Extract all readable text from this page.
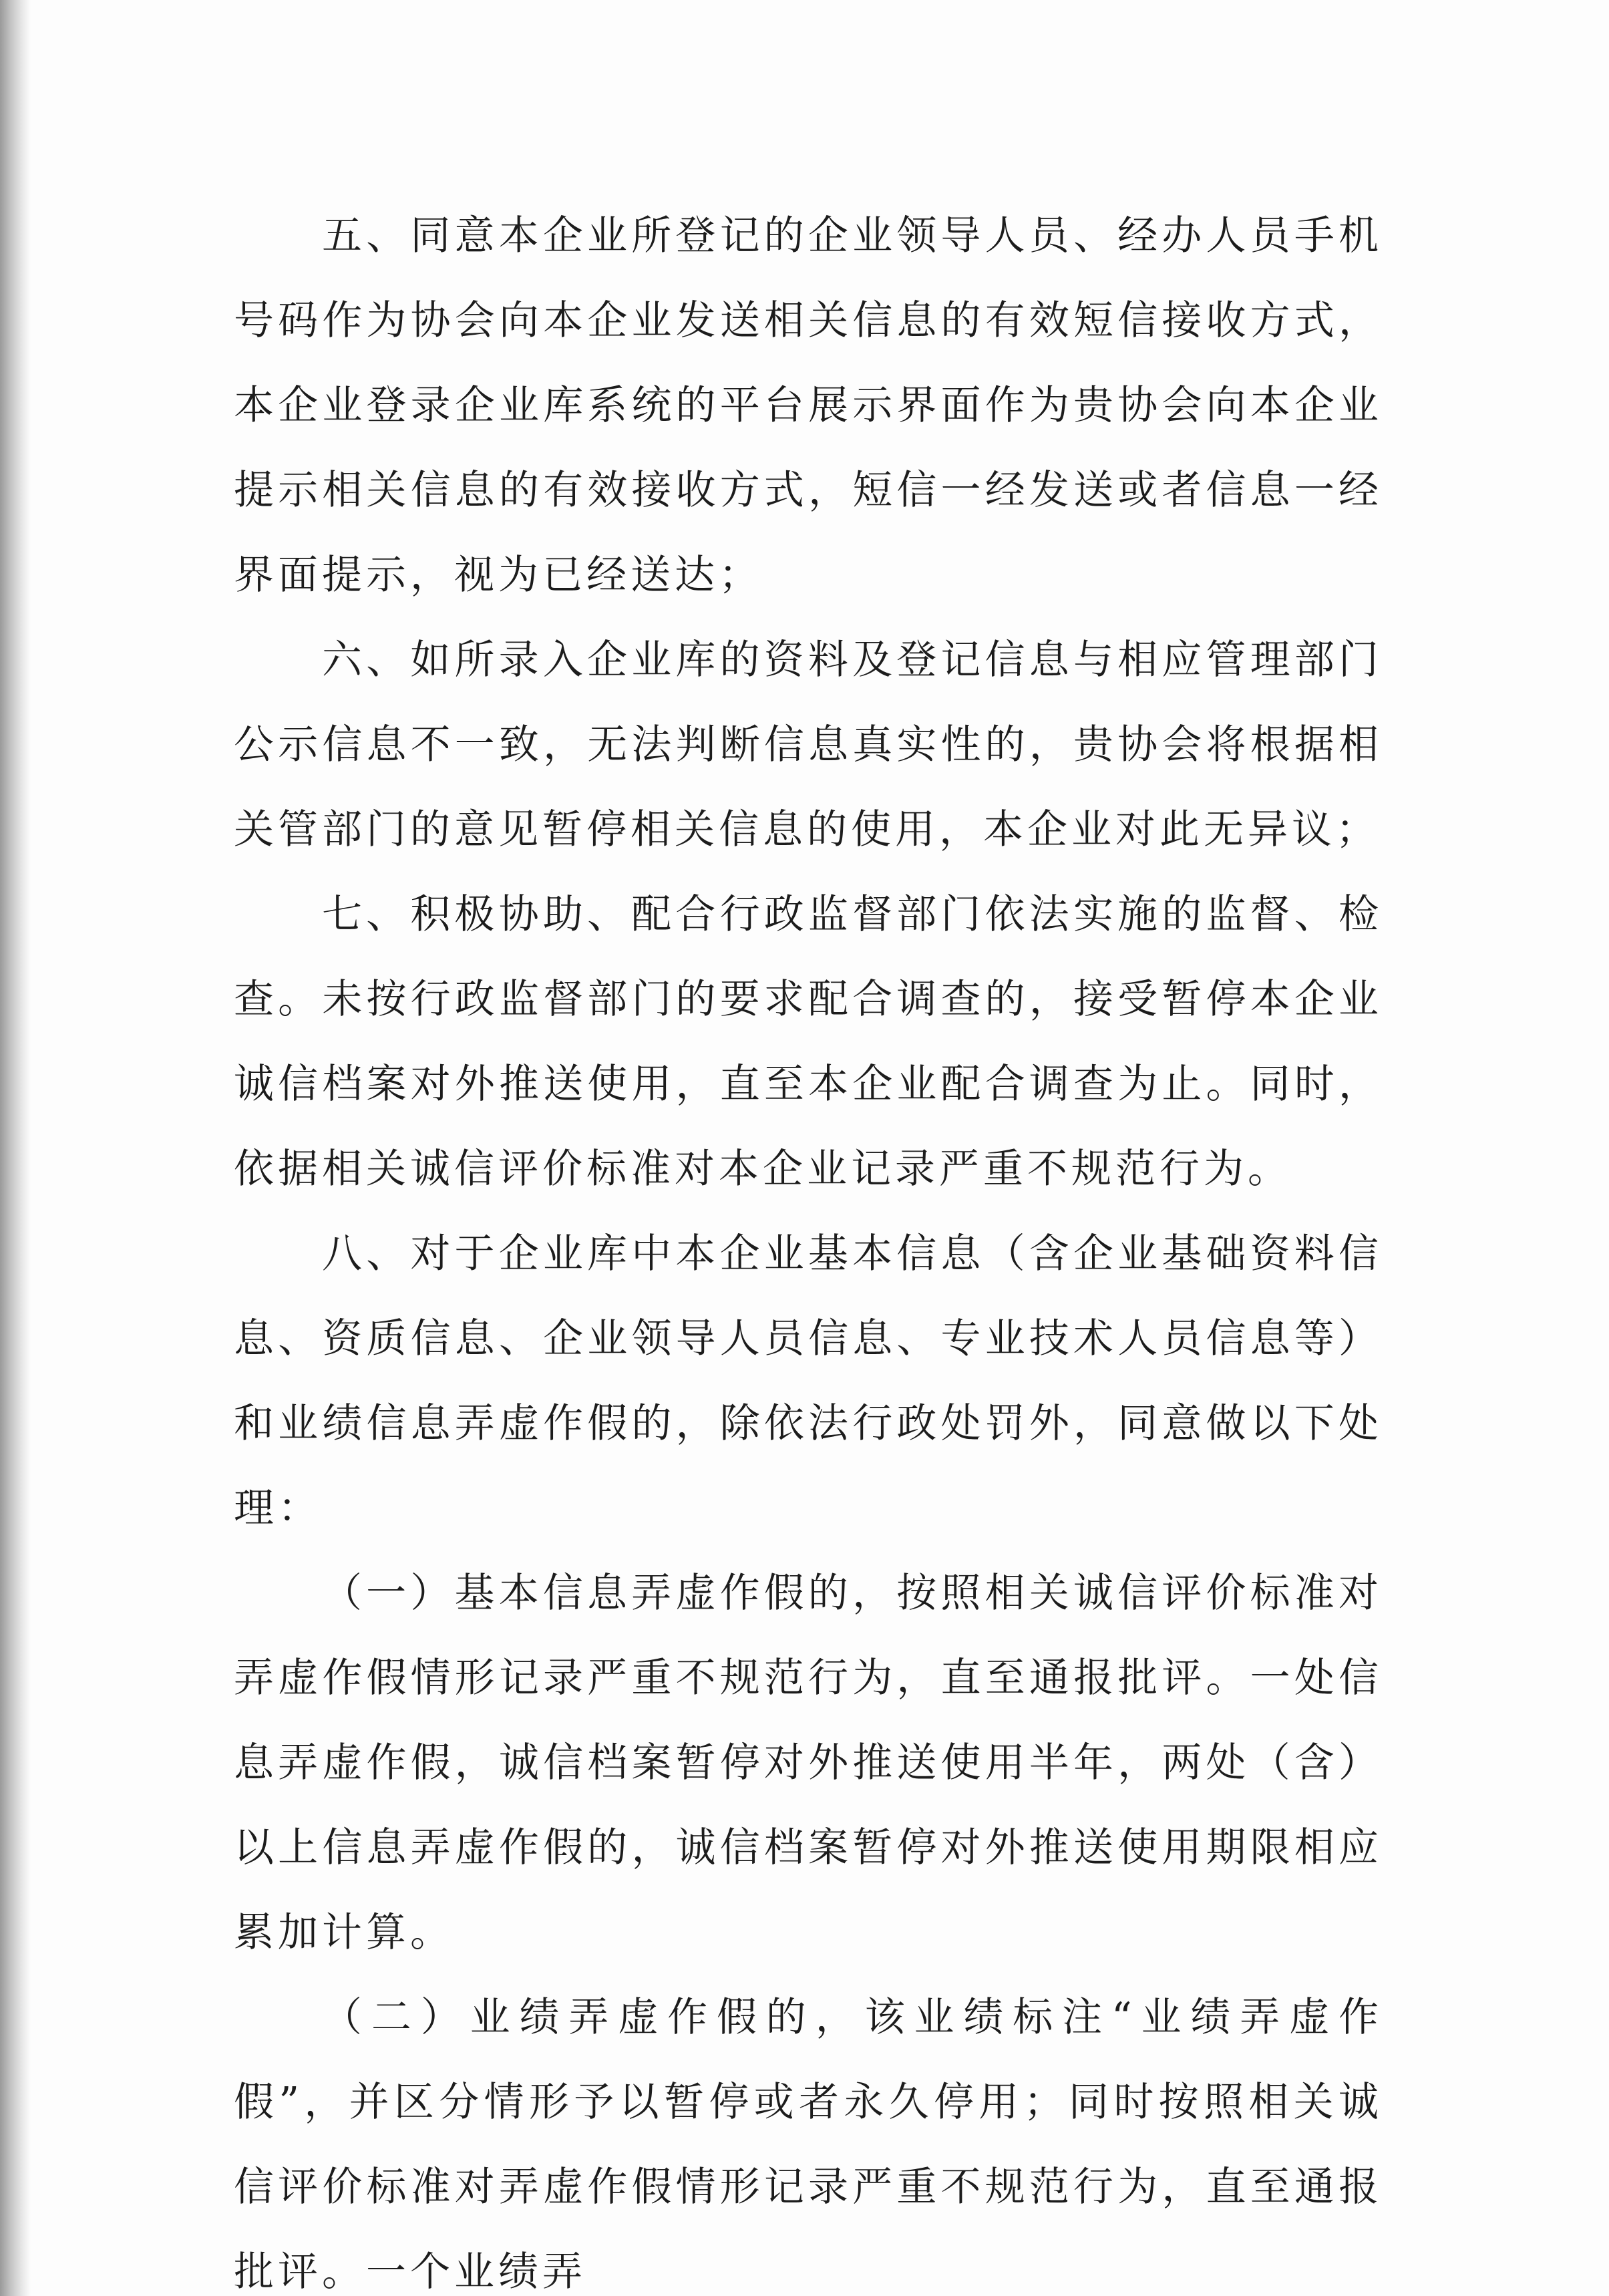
五、同意本企业所登记的企业领导人员、经办人员手机号码作为协会向本企业发送相关信息的有效短信接收方式，本企业登录企业库系统的平台展示界面作为贵协会向本企业提示相关信息的有效接收方式，短信一经发送或者信息一经界面提示，视为已经送达；

六、如所录入企业库的资料及登记信息与相应管理部门公示信息不一致，无法判断信息真实性的，贵协会将根据相关管部门的意见暂停相关信息的使用，本企业对此无异议；

七、积极协助、配合行政监督部门依法实施的监督、检查。未按行政监督部门的要求配合调查的，接受暂停本企业诚信档案对外推送使用，直至本企业配合调查为止。同时，依据相关诚信评价标准对本企业记录严重不规范行为。

八、对于企业库中本企业基本信息（含企业基础资料信息、资质信息、企业领导人员信息、专业技术人员信息等）和业绩信息弄虚作假的，除依法行政处罚外，同意做以下处理：

（一）基本信息弄虚作假的，按照相关诚信评价标准对弄虚作假情形记录严重不规范行为，直至通报批评。一处信息弄虚作假，诚信档案暂停对外推送使用半年，两处（含）以上信息弄虚作假的，诚信档案暂停对外推送使用期限相应累加计算。

（二）业绩弄虚作假的，该业绩标注“业绩弄虚作假”，并区分情形予以暂停或者永久停用；同时按照相关诚信评价标准对弄虚作假情形记录严重不规范行为，直至通报批评。一个业绩弄
